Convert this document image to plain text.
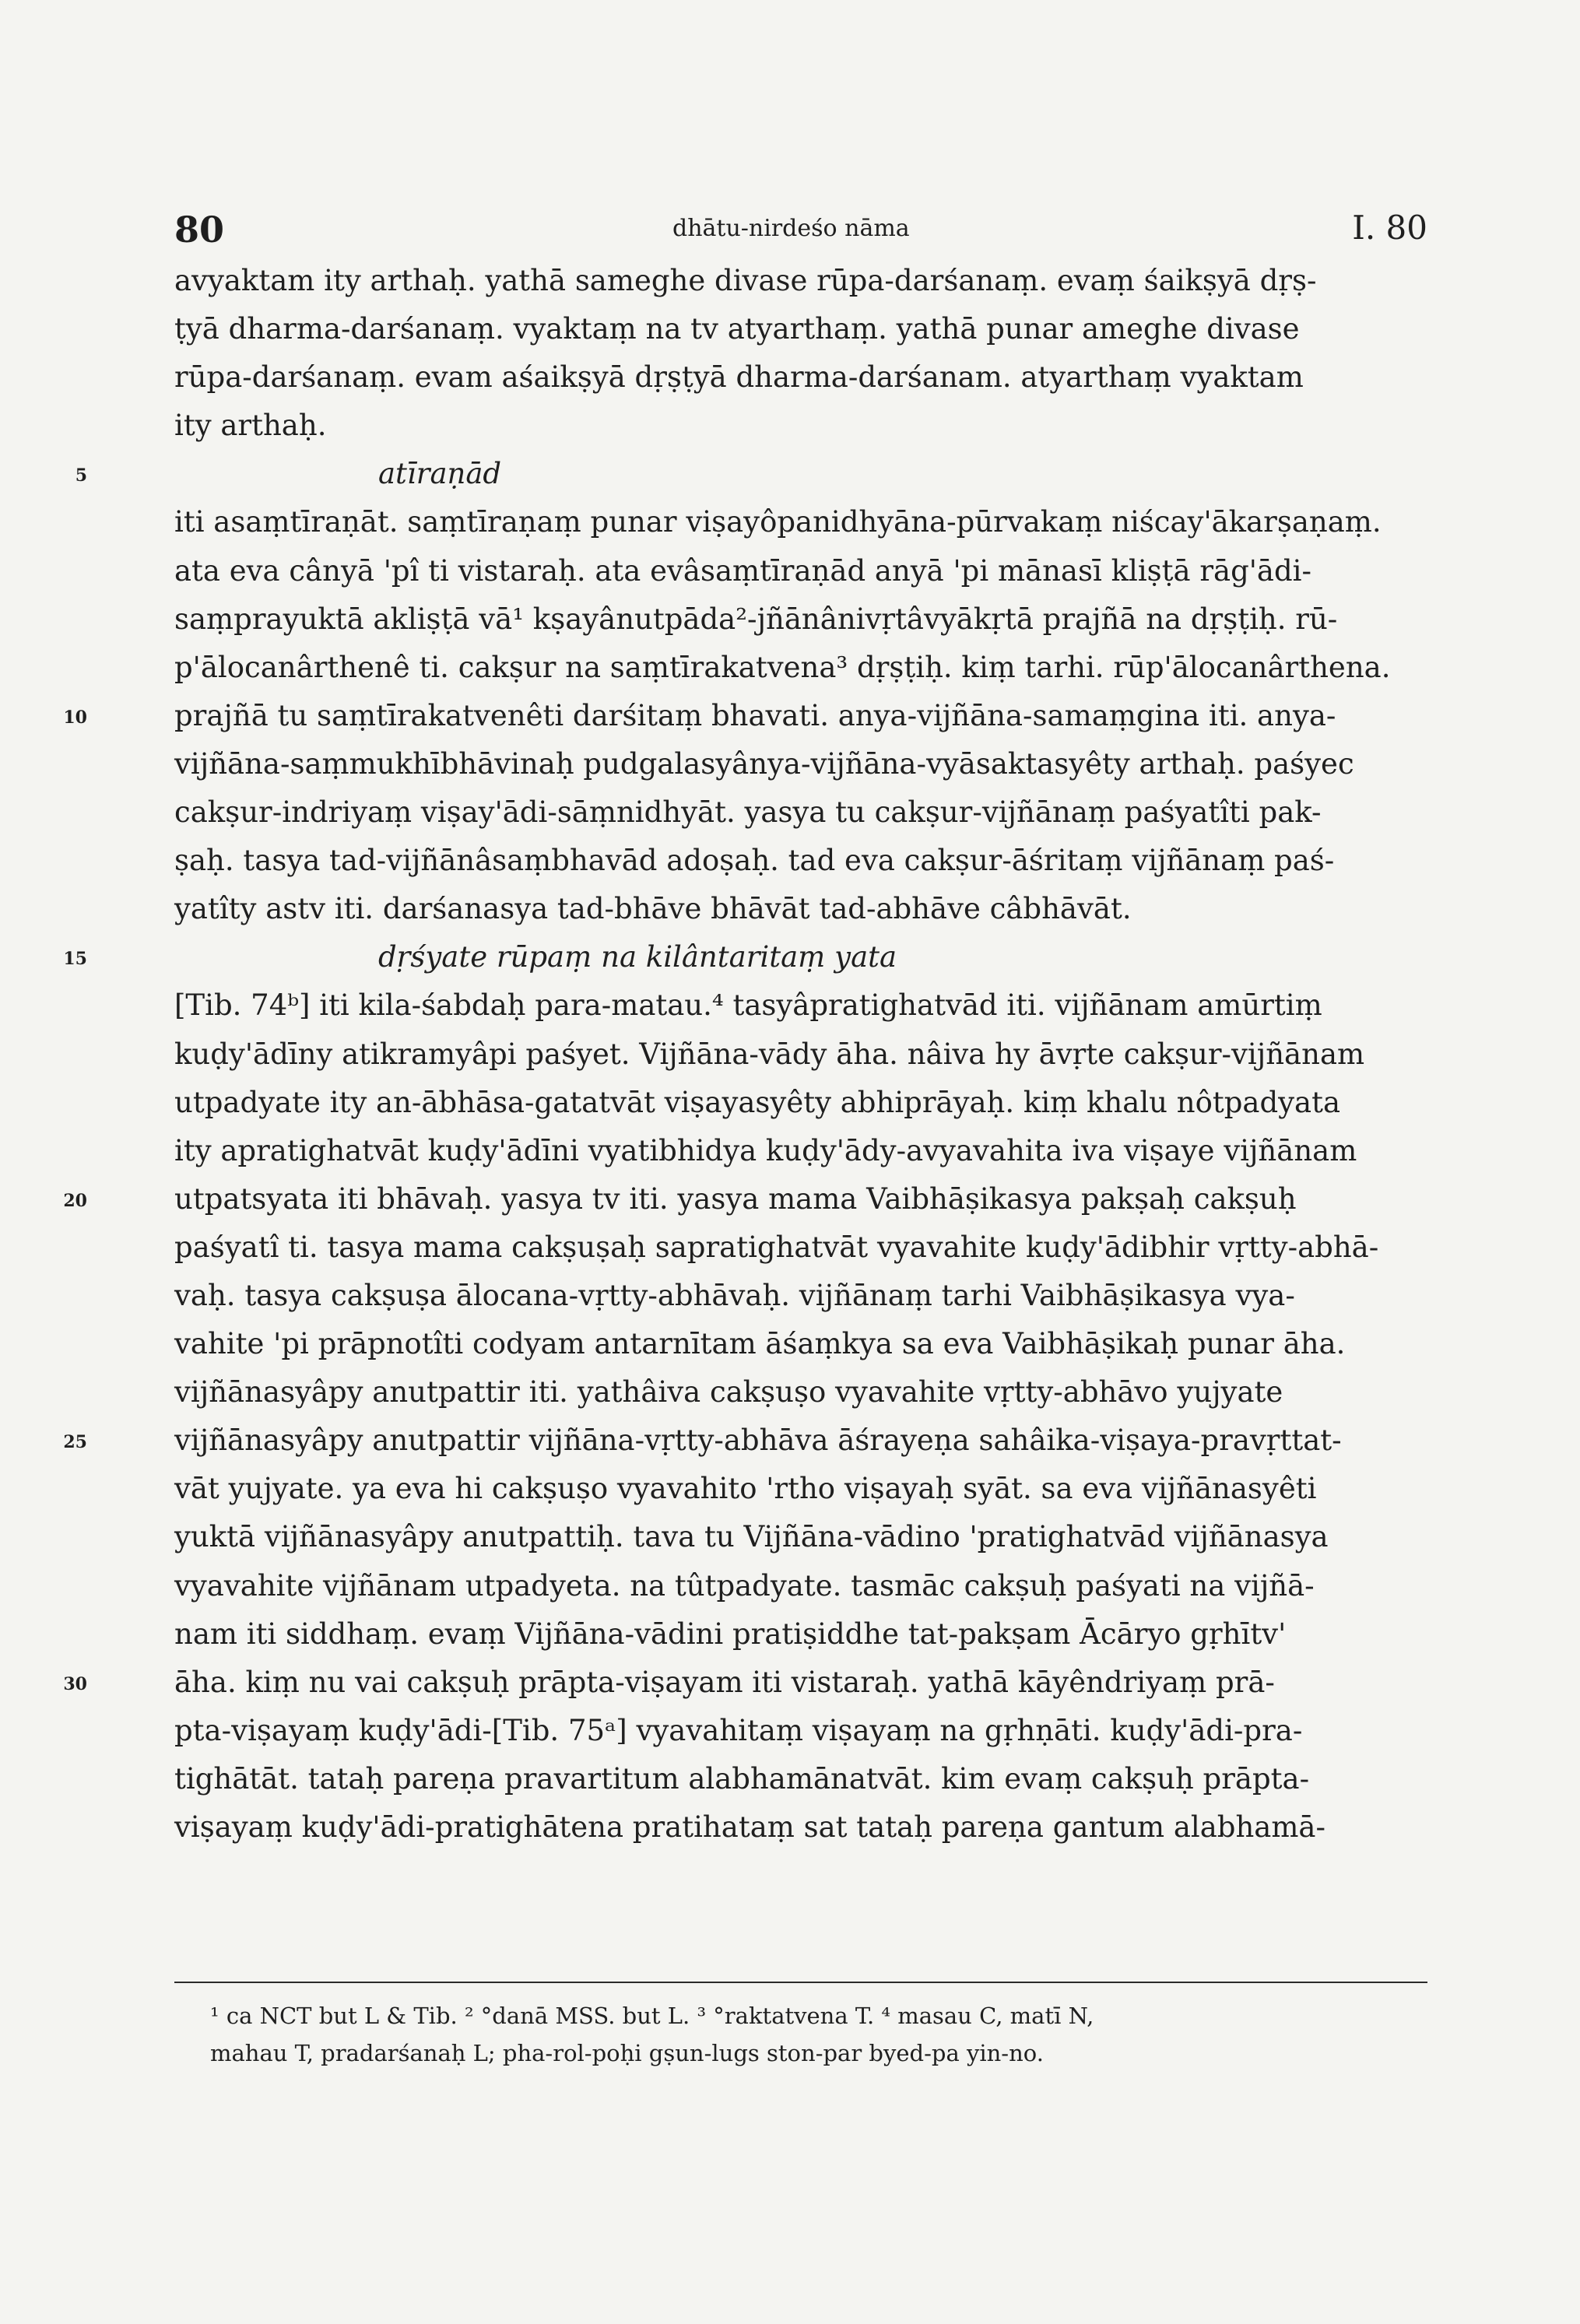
80	dhātu-nirdeśo nāma	I. 80
avyaktam ity arthaḥ. yathā sameghe divase rūpa-darśanaṃ. evaṃ śaikṣyā dṛṣ-
ṭyā dharma-darśanaṃ. vyaktaṃ na tv atyarthaṃ. yathā punar ameghe divase
rūpa-darśanaṃ. evam aśaikṣyā dṛṣṭyā dharma-darśanam. atyarthaṃ vyaktam
ity arthaḥ.
5	atīraṇād
iti asaṃtīraṇāt. saṃtīraṇaṃ punar viṣayôpanidhyāna-pūrvakaṃ niścay'ākarṣaṇaṃ.
ata eva cânyā 'pî ti vistaraḥ. ata evâsaṃtīraṇād anyā 'pi mānasī kliṣṭā rāg'ādi-
saṃprayuktā akliṣṭā vā¹ kṣayânutpāda²-jñānânivṛtâvyākṛtā prajñā na dṛṣṭiḥ. rū-
p'ālocanârthenê ti. cakṣur na saṃtīrakatvena³ dṛṣṭiḥ. kiṃ tarhi. rūp'ālocanârthena.
10	prajñā tu saṃtīrakatvenêti darśitaṃ bhavati. anya-vijñāna-samaṃgina iti. anya-
vijñāna-saṃmukhībhāvinaḥ pudgalasyânya-vijñāna-vyāsaktasyêty arthaḥ. paśyec
cakṣur-indriyaṃ viṣay'ādi-sāṃnidhyāt. yasya tu cakṣur-vijñānaṃ paśyatîti pak-
ṣaḥ. tasya tad-vijñānâsaṃbhavād adoṣaḥ. tad eva cakṣur-āśritaṃ vijñānaṃ paś-
yatîty astv iti. darśanasya tad-bhāve bhāvāt tad-abhāve câbhāvāt.
15	dṛśyate rūpaṃ na kilântaritaṃ yata
[Tib. 74ᵇ] iti kila-śabdaḥ para-matau.⁴ tasyâpratighatvād iti. vijñānam amūrtiṃ
kuḍy'ādīny atikramyâpi paśyet. Vijñāna-vādy āha. nâiva hy āvṛte cakṣur-vijñānam
utpadyate ity an-ābhāsa-gatatvāt viṣayasyêty abhiprāyaḥ. kiṃ khalu nôtpadyata
ity apratighatvāt kuḍy'ādīni vyatibhidya kuḍy'ādy-avyavahita iva viṣaye vijñānam
20	utpatsyata iti bhāvaḥ. yasya tv iti. yasya mama Vaibhāṣikasya pakṣaḥ cakṣuḥ
paśyatî ti. tasya mama cakṣuṣaḥ sapratighatvāt vyavahite kuḍy'ādibhir vṛtty-abhā-
vaḥ. tasya cakṣuṣa ālocana-vṛtty-abhāvaḥ. vijñānaṃ tarhi Vaibhāṣikasya vya-
vahite 'pi prāpnotîti codyam antarnītam āśaṃkya sa eva Vaibhāṣikaḥ punar āha.
vijñānasyâpy anutpattir iti. yathâiva cakṣuṣo vyavahite vṛtty-abhāvo yujyate
25	vijñānasyâpy anutpattir vijñāna-vṛtty-abhāva āśrayeṇa sahâika-viṣaya-pravṛttat-
vāt yujyate. ya eva hi cakṣuṣo vyavahito 'rtho viṣayaḥ syāt. sa eva vijñānasyêti
yuktā vijñānasyâpy anutpattiḥ. tava tu Vijñāna-vādino 'pratighatvād vijñānasya
vyavahite vijñānam utpadyeta. na tûtpadyate. tasmāc cakṣuḥ paśyati na vijñā-
nam iti siddhaṃ. evaṃ Vijñāna-vādini pratiṣiddhe tat-pakṣam Ācāryo gṛhītv'
30	āha. kiṃ nu vai cakṣuḥ prāpta-viṣayam iti vistaraḥ. yathā kāyêndriyaṃ prā-
pta-viṣayaṃ kuḍy'ādi-[Tib. 75ᵃ] vyavahitaṃ viṣayaṃ na gṛhṇāti. kuḍy'ādi-pra-
tighātāt. tataḥ pareṇa pravartitum alabhamānatvāt. kim evaṃ cakṣuḥ prāpta-
viṣayaṃ kuḍy'ādi-pratighātena pratihataṃ sat tataḥ pareṇa gantum alabhamā-
¹ ca NCT but L & Tib. ² °danā MSS. but L. ³ °raktatvena T. ⁴ masau C, matī N,
mahau T, pradarśanaḥ L; pha-rol-poḥi gṣun-lugs ston-par byed-pa yin-no.
